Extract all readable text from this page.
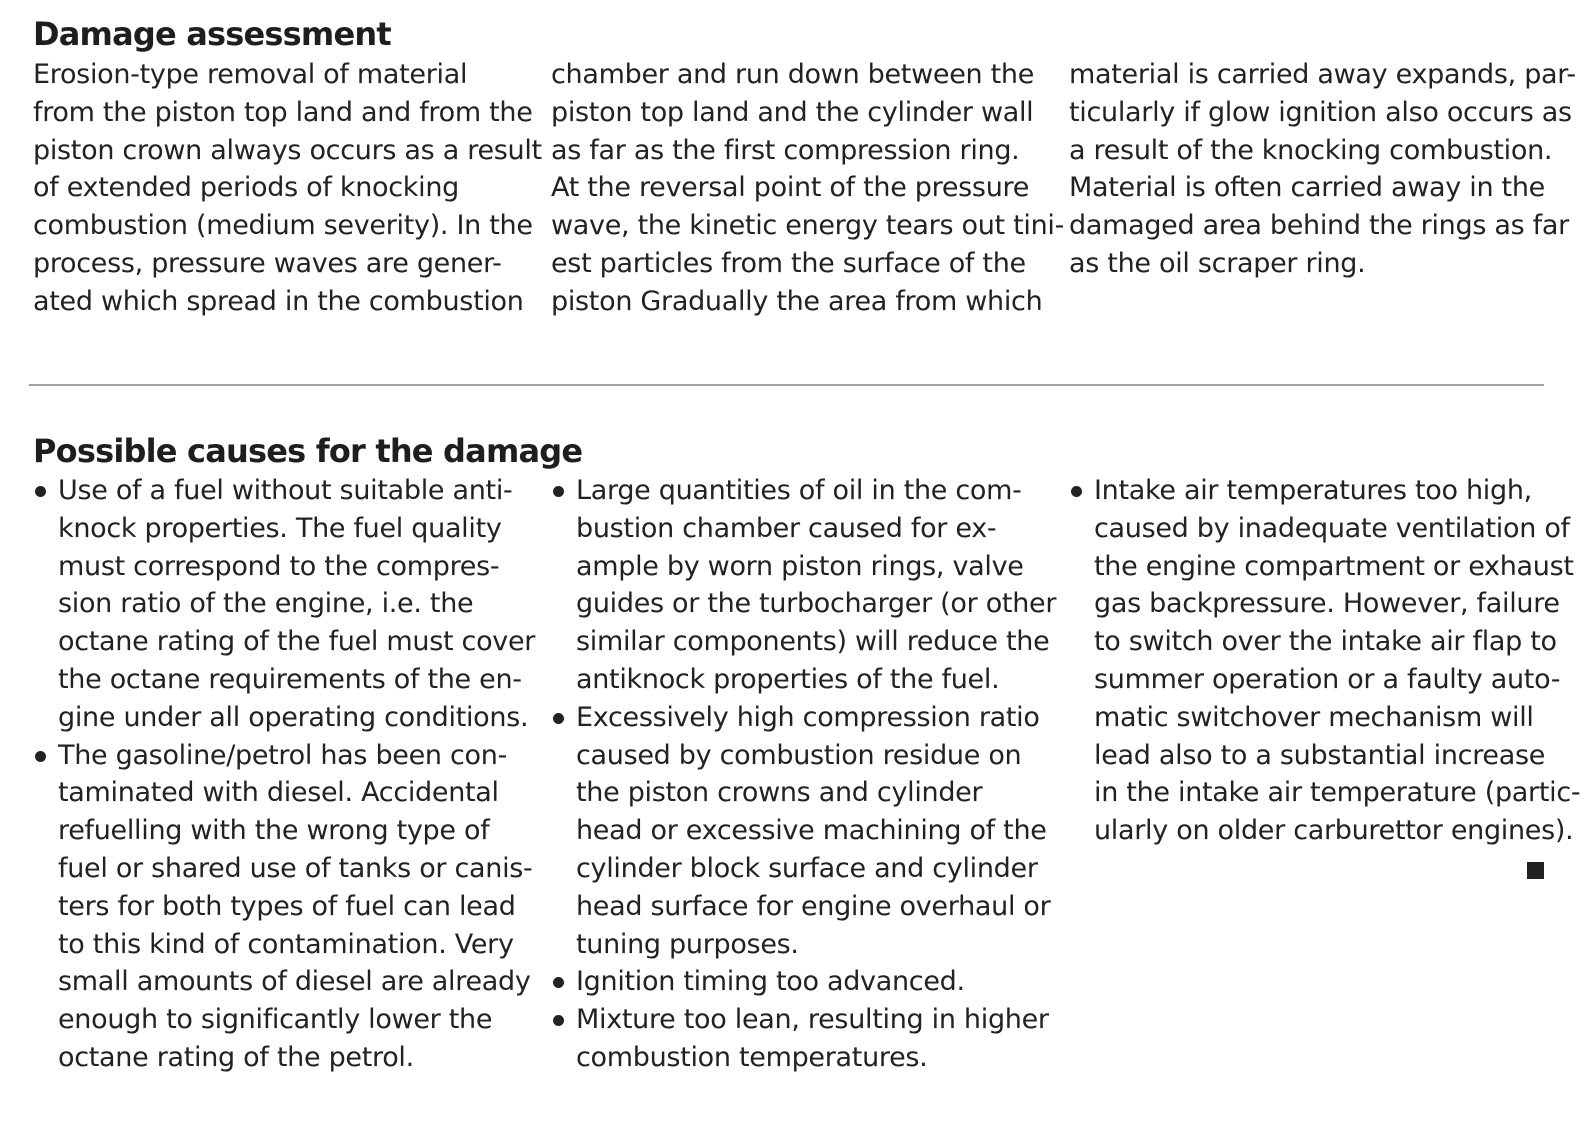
Damage assessment
Erosion-type removal of material
from the piston top land and from the
piston crown always occurs as a result
of extended periods of knocking
combustion (medium severity). In the
process, pressure waves are gener-
ated which spread in the combustion
chamber and run down between the
piston top land and the cylinder wall
as far as the first compression ring.
At the reversal point of the pressure
wave, the kinetic energy tears out tini-
est particles from the surface of the
piston Gradually the area from which
material is carried away expands, par-
ticularly if glow ignition also occurs as
a result of the knocking combustion.
Material is often carried away in the
damaged area behind the rings as far
as the oil scraper ring.
Possible causes for the damage
Use of a fuel without suitable anti-
knock properties. The fuel quality
must correspond to the compres-
sion ratio of the engine, i.e. the
octane rating of the fuel must cover
the octane requirements of the en-
gine under all operating conditions.
The gasoline/petrol has been con-
taminated with diesel. Accidental
refuelling with the wrong type of
fuel or shared use of tanks or canis-
ters for both types of fuel can lead
to this kind of contamination. Very
small amounts of diesel are already
enough to significantly lower the
octane rating of the petrol.
Large quantities of oil in the com-
bustion chamber caused for ex-
ample by worn piston rings, valve
guides or the turbocharger (or other
similar components) will reduce the
antiknock properties of the fuel.
Excessively high compression ratio
caused by combustion residue on
the piston crowns and cylinder
head or excessive machining of the
cylinder block surface and cylinder
head surface for engine overhaul or
tuning purposes.
Ignition timing too advanced.
Mixture too lean, resulting in higher
combustion temperatures.
Intake air temperatures too high,
caused by inadequate ventilation of
the engine compartment or exhaust
gas backpressure. However, failure
to switch over the intake air flap to
summer operation or a faulty auto-
matic switchover mechanism will
lead also to a substantial increase
in the intake air temperature (partic-
ularly on older carburettor engines).
